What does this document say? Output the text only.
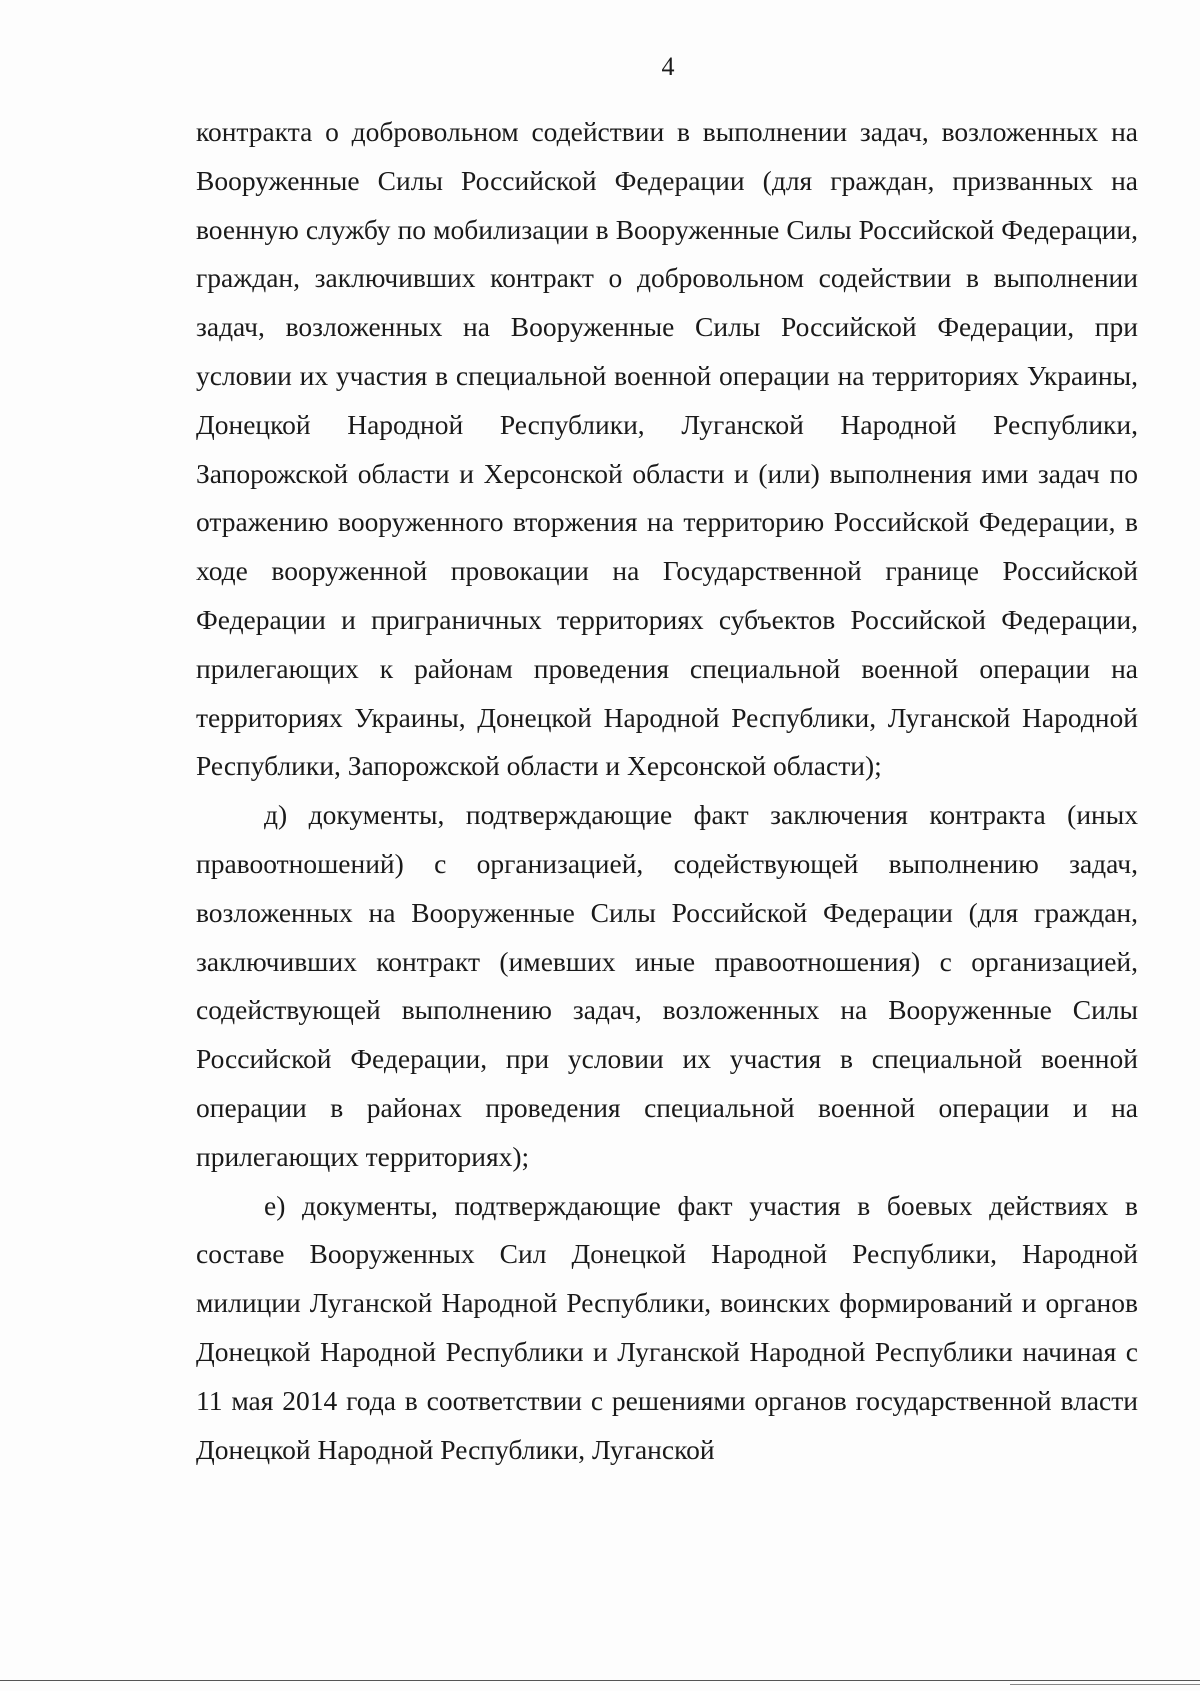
4

контракта о добровольном содействии в выполнении задач, возложенных на Вооруженные Силы Российской Федерации (для граждан, призванных на военную службу по мобилизации в Вооруженные Силы Российской Федерации, граждан, заключивших контракт о добровольном содействии в выполнении задач, возложенных на Вооруженные Силы Российской Федерации, при условии их участия в специальной военной операции на территориях Украины, Донецкой Народной Республики, Луганской Народной Республики, Запорожской области и Херсонской области и (или) выполнения ими задач по отражению вооруженного вторжения на территорию Российской Федерации, в ходе вооруженной провокации на Государственной границе Российской Федерации и приграничных территориях субъектов Российской Федерации, прилегающих к районам проведения специальной военной операции на территориях Украины, Донецкой Народной Республики, Луганской Народной Республики, Запорожской области и Херсонской области);

д) документы, подтверждающие факт заключения контракта (иных правоотношений) с организацией, содействующей выполнению задач, возложенных на Вооруженные Силы Российской Федерации (для граждан, заключивших контракт (имевших иные правоотношения) с организацией, содействующей выполнению задач, возложенных на Вооруженные Силы Российской Федерации, при условии их участия в специальной военной операции в районах проведения специальной военной операции и на прилегающих территориях);

е) документы, подтверждающие факт участия в боевых действиях в составе Вооруженных Сил Донецкой Народной Республики, Народной милиции Луганской Народной Республики, воинских формирований и органов Донецкой Народной Республики и Луганской Народной Республики начиная с 11 мая 2014 года в соответствии с решениями органов государственной власти Донецкой Народной Республики, Луганской
